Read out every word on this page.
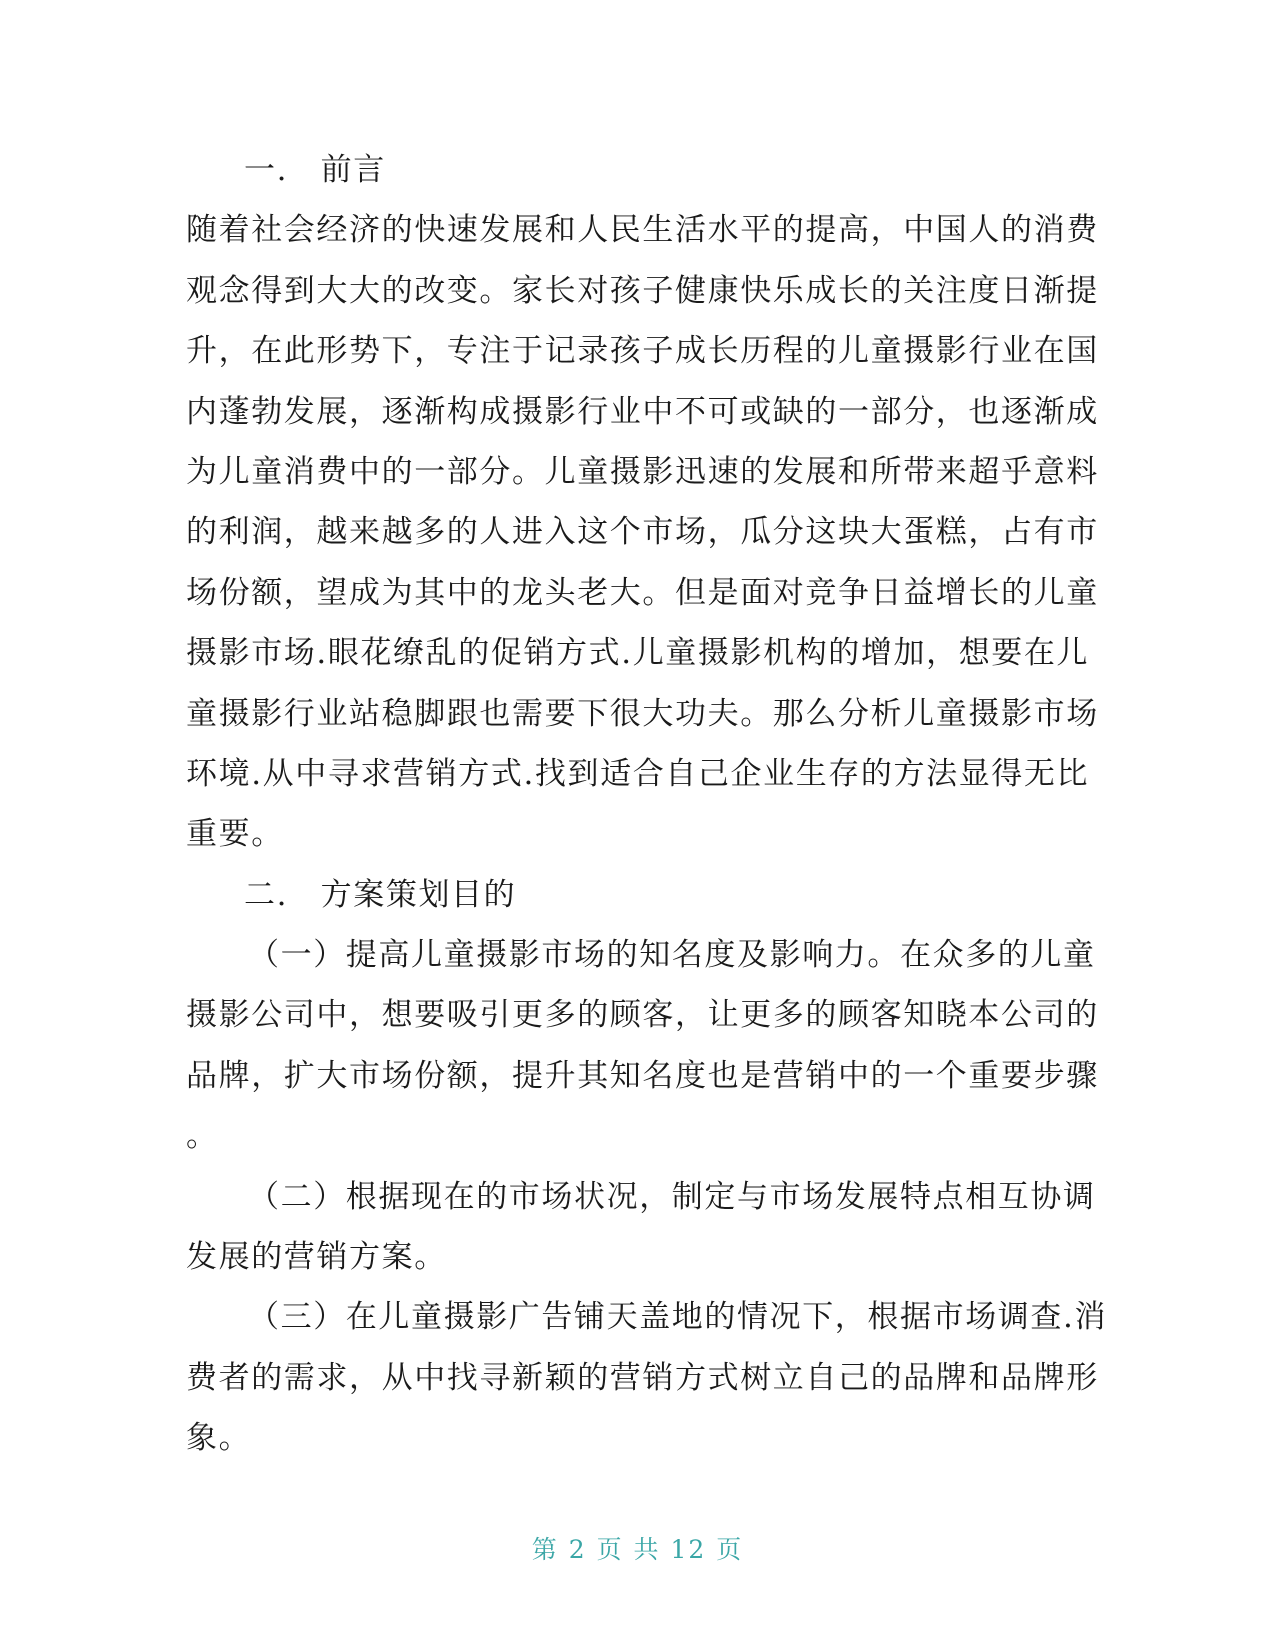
一.　前言
随着社会经济的快速发展和人民生活水平的提高，中国人的消费
观念得到大大的改变。家长对孩子健康快乐成长的关注度日渐提
升，在此形势下，专注于记录孩子成长历程的儿童摄影行业在国
内蓬勃发展，逐渐构成摄影行业中不可或缺的一部分，也逐渐成
为儿童消费中的一部分。儿童摄影迅速的发展和所带来超乎意料
的利润，越来越多的人进入这个市场，瓜分这块大蛋糕，占有市
场份额，望成为其中的龙头老大。但是面对竞争日益增长的儿童
摄影市场.眼花缭乱的促销方式.儿童摄影机构的增加，想要在儿
童摄影行业站稳脚跟也需要下很大功夫。那么分析儿童摄影市场
环境.从中寻求营销方式.找到适合自己企业生存的方法显得无比
重要。
二.　方案策划目的
（一）提高儿童摄影市场的知名度及影响力。在众多的儿童
摄影公司中，想要吸引更多的顾客，让更多的顾客知晓本公司的
品牌，扩大市场份额，提升其知名度也是营销中的一个重要步骤
。
（二）根据现在的市场状况，制定与市场发展特点相互协调
发展的营销方案。
（三）在儿童摄影广告铺天盖地的情况下，根据市场调查.消
费者的需求，从中找寻新颖的营销方式树立自己的品牌和品牌形
象。
第 2 页 共 12 页
